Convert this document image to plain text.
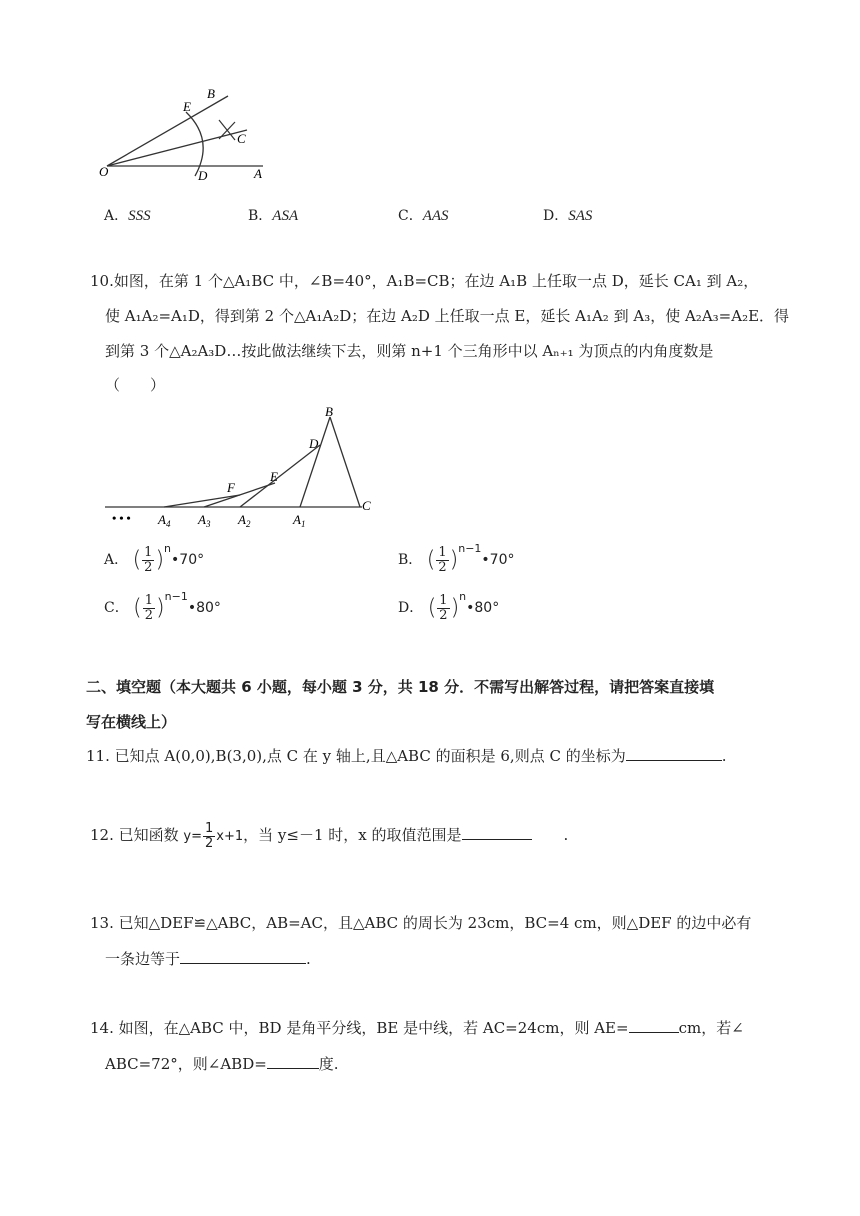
B
E
C
O	D	A
A．SSS	B．ASA	C．AAS	D．SAS
10.如图，在第 1 个△A₁BC 中，∠B=40°，A₁B=CB；在边 A₁B 上任取一点 D，延长 CA₁ 到 A₂，
使 A₁A₂=A₁D，得到第 2 个△A₁A₂D；在边 A₂D 上任取一点 E，延长 A₁A₂ 到 A₃，使 A₂A₃=A₂E．得
到第 3 个△A₂A₃D…按此做法继续下去，则第 n+1 个三角形中以 Aₙ₊₁ 为顶点的内角度数是
（　　）
B
D
E
F
C
• • • $A_4$ $A_3$ $A_2$	$A_1$
A． ( $\frac{1}{2}$ )$^n$•70°	B． ( $\frac{1}{2}$ )$^{n-1}$•70°
C． ( $\frac{1}{2}$ )$^{n-1}$•80°	D． ( $\frac{1}{2}$ )$^n$•80°
二、填空题（本大题共 6 小题，每小题 3 分，共 18 分．不需写出解答过程，请把答案直接填
写在横线上）
11. 已知点 A(0,0),B(3,0),点 C 在 y 轴上,且△ABC 的面积是 6,则点 C 的坐标为	.
12. 已知函数 $y= \frac{1}{2} x+1$，当 y≤－1 时，x 的取值范围是	.
13. 已知△DEF≌△ABC，AB=AC，且△ABC 的周长为 23cm，BC=4 cm，则△DEF 的边中必有
一条边等于	.
14. 如图，在△ABC 中，BD 是角平分线，BE 是中线，若 AC=24cm，则 AE=	cm，若∠
ABC=72°，则∠ABD=	度.
